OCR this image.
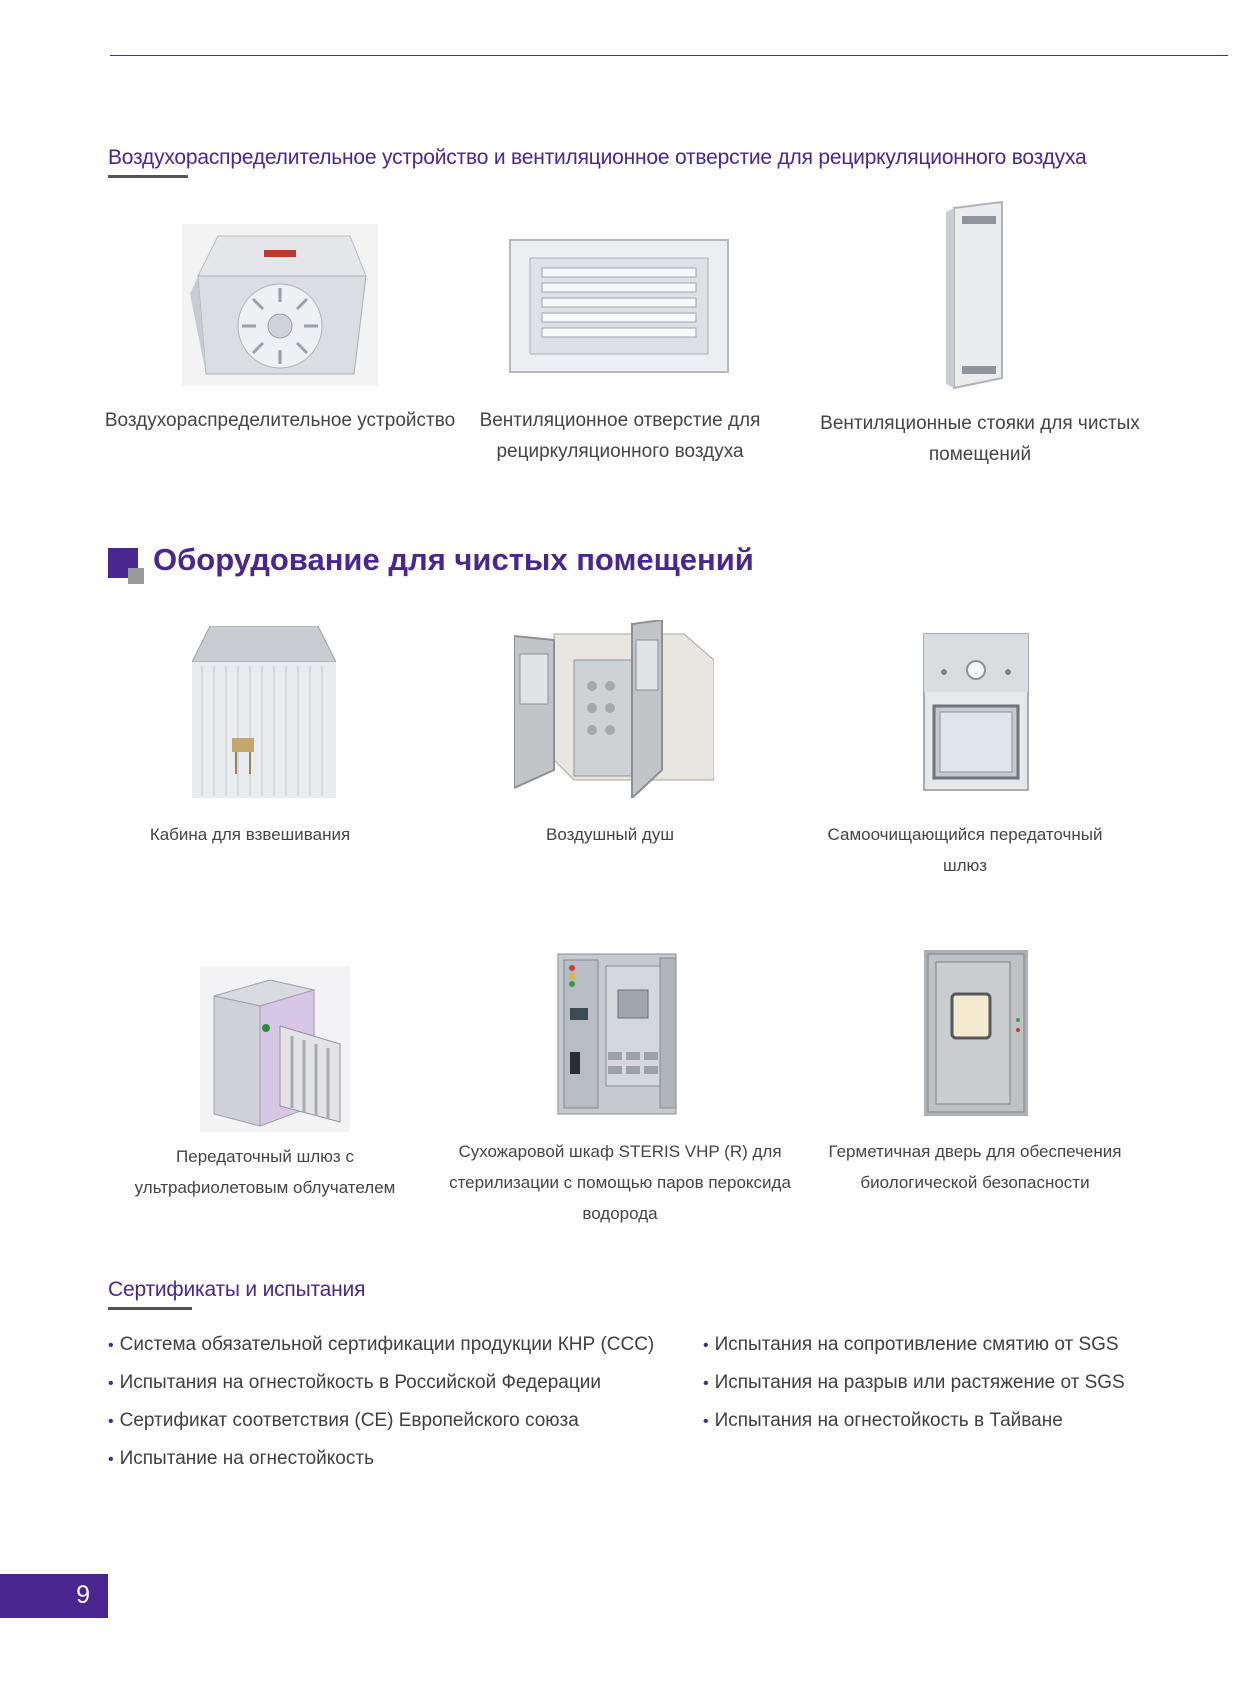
Воздухораспределительное устройство и вентиляционное отверстие для рециркуляционного воздуха
Воздухораспределительное устройство	Вентиляционное отверстие для
рециркуляционного воздуха
Вентиляционные стояки для чистых
помещений
Оборудование для чистых помещений
Кабина для взвешивания	Воздушный душ	Самоочищающийся передаточный
шлюз
Передаточный шлюз с
ультрафиолетовым облучателем
Сухожаровой шкаф STERIS VHP (R) для
стерилизации с помощью паров пероксида
водорода
Герметичная дверь для обеспечения
биологической безопасности
Сертификаты и испытания
• Система обязательной сертификации продукции КНР (CCC)
• Испытания на огнестойкость в Российской Федерации
• Сертификат соответствия (CE) Европейского союза
• Испытание на огнестойкость
• Испытания на сопротивление смятию от SGS
• Испытания на разрыв или растяжение от SGS
• Испытания на огнестойкость в Тайване
9
